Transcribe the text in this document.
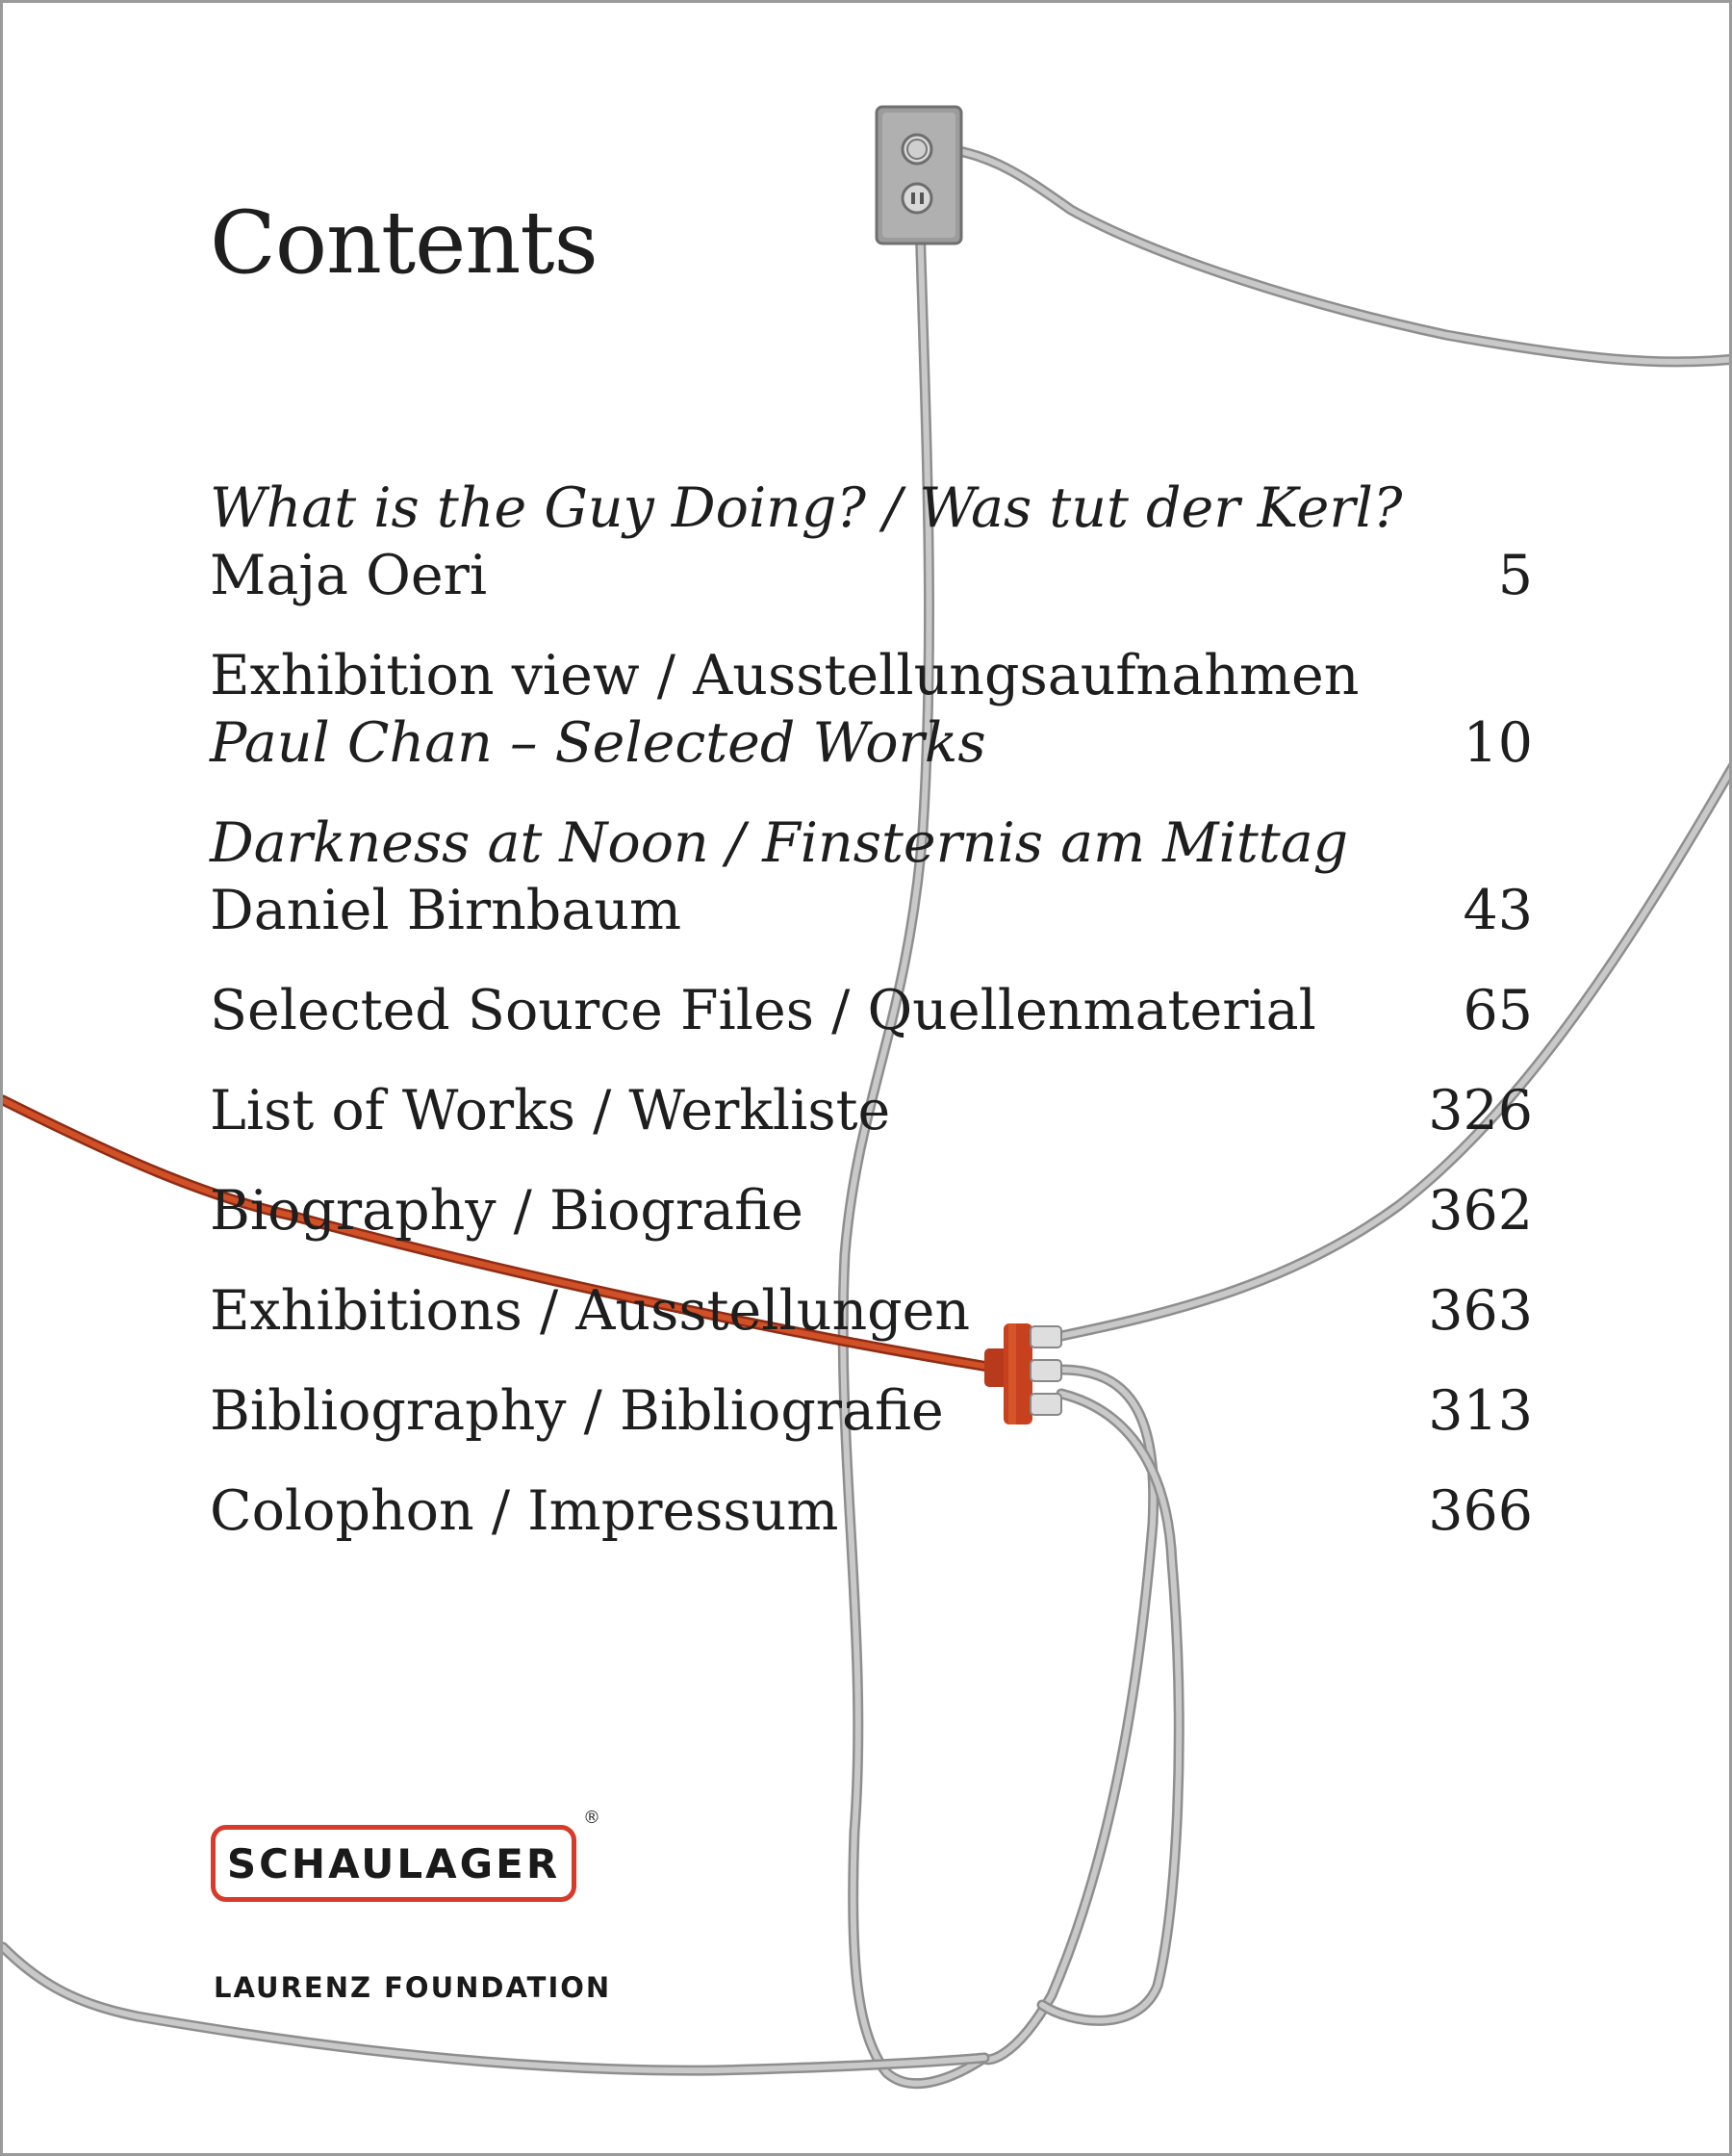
Contents
What is the Guy Doing? / Was tut der Kerl?
Maja Oeri	5
Exhibition view / Ausstellungsaufnahmen
Paul Chan – Selected Works	10
Darkness at Noon / Finsternis am Mittag
Daniel Birnbaum	43
Selected Source Files / Quellenmaterial	65
List of Works / Werkliste	326
Biography / Biografie	362
Exhibitions / Ausstellungen	363
Bibliography / Bibliografie	313
Colophon / Impressum	366
SCHAULAGER
®
LAURENZ FOUNDATION
